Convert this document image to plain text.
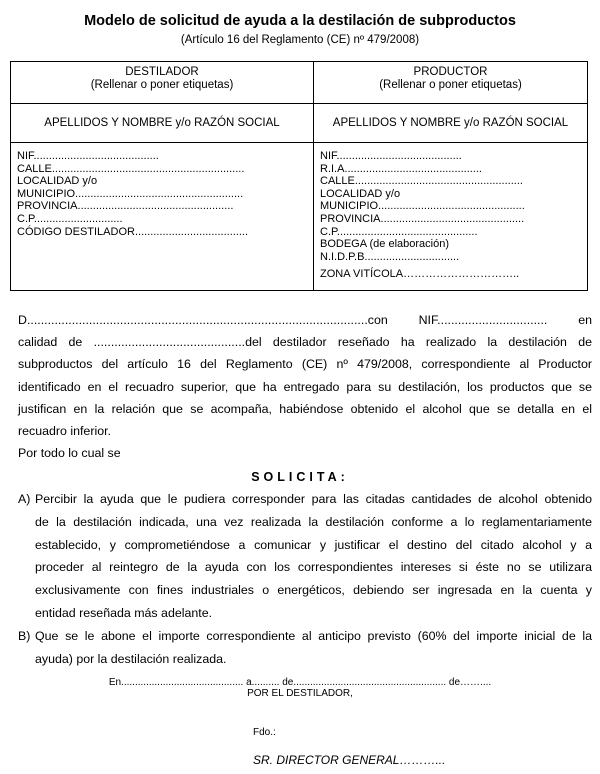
Modelo de solicitud de ayuda a la destilación de subproductos
(Artículo 16 del Reglamento (CE) nº 479/2008)
DESTILADOR
(Rellenar o poner etiquetas)
APELLIDOS Y NOMBRE y/o RAZÓN SOCIAL
NIF.........................................
CALLE...............................................................
LOCALIDAD y/o
MUNICIPIO.......................................................
PROVINCIA...................................................
C.P.............................
CÓDIGO DESTILADOR.....................................
PRODUCTOR
(Rellenar o poner etiquetas)
APELLIDOS Y NOMBRE y/o RAZÓN SOCIAL
NIF.........................................
R.I.A.............................................
CALLE.......................................................
LOCALIDAD y/o
MUNICIPIO................................................
PROVINCIA...............................................
C.P..............................................
BODEGA (de elaboración)
N.I.D.P.B...............................
ZONA VITÍCOLA…………………………..
D...................................................................................................con NIF................................ en
calidad de ............................................del destilador reseñado ha realizado la destilación de
subproductos del artículo 16 del Reglamento (CE) nº 479/2008, correspondiente al Productor
identificado en el recuadro superior, que ha entregado para su destilación, los productos que se
justifican en la relación que se acompaña, habiéndose obtenido el alcohol que se detalla en el
recuadro inferior.
Por todo lo cual se
SOLICITA:
A) Percibir la ayuda que le pudiera corresponder para las citadas cantidades de alcohol obtenido
de la destilación indicada, una vez realizada la destilación conforme a lo reglamentariamente
establecido, y comprometiéndose a comunicar y justificar el destino del citado alcohol y a
proceder al reintegro de la ayuda con los correspondientes intereses si éste no se utilizara
exclusivamente con fines industriales o energéticos, debiendo ser ingresada en la cuenta y
entidad reseñada más adelante.
B) Que se le abone el importe correspondiente al anticipo previsto (60% del importe inicial de la
ayuda) por la destilación realizada.
En............................................ a.......... de....................................................... de……....
POR EL DESTILADOR,
Fdo.:
SR. DIRECTOR GENERAL………...
